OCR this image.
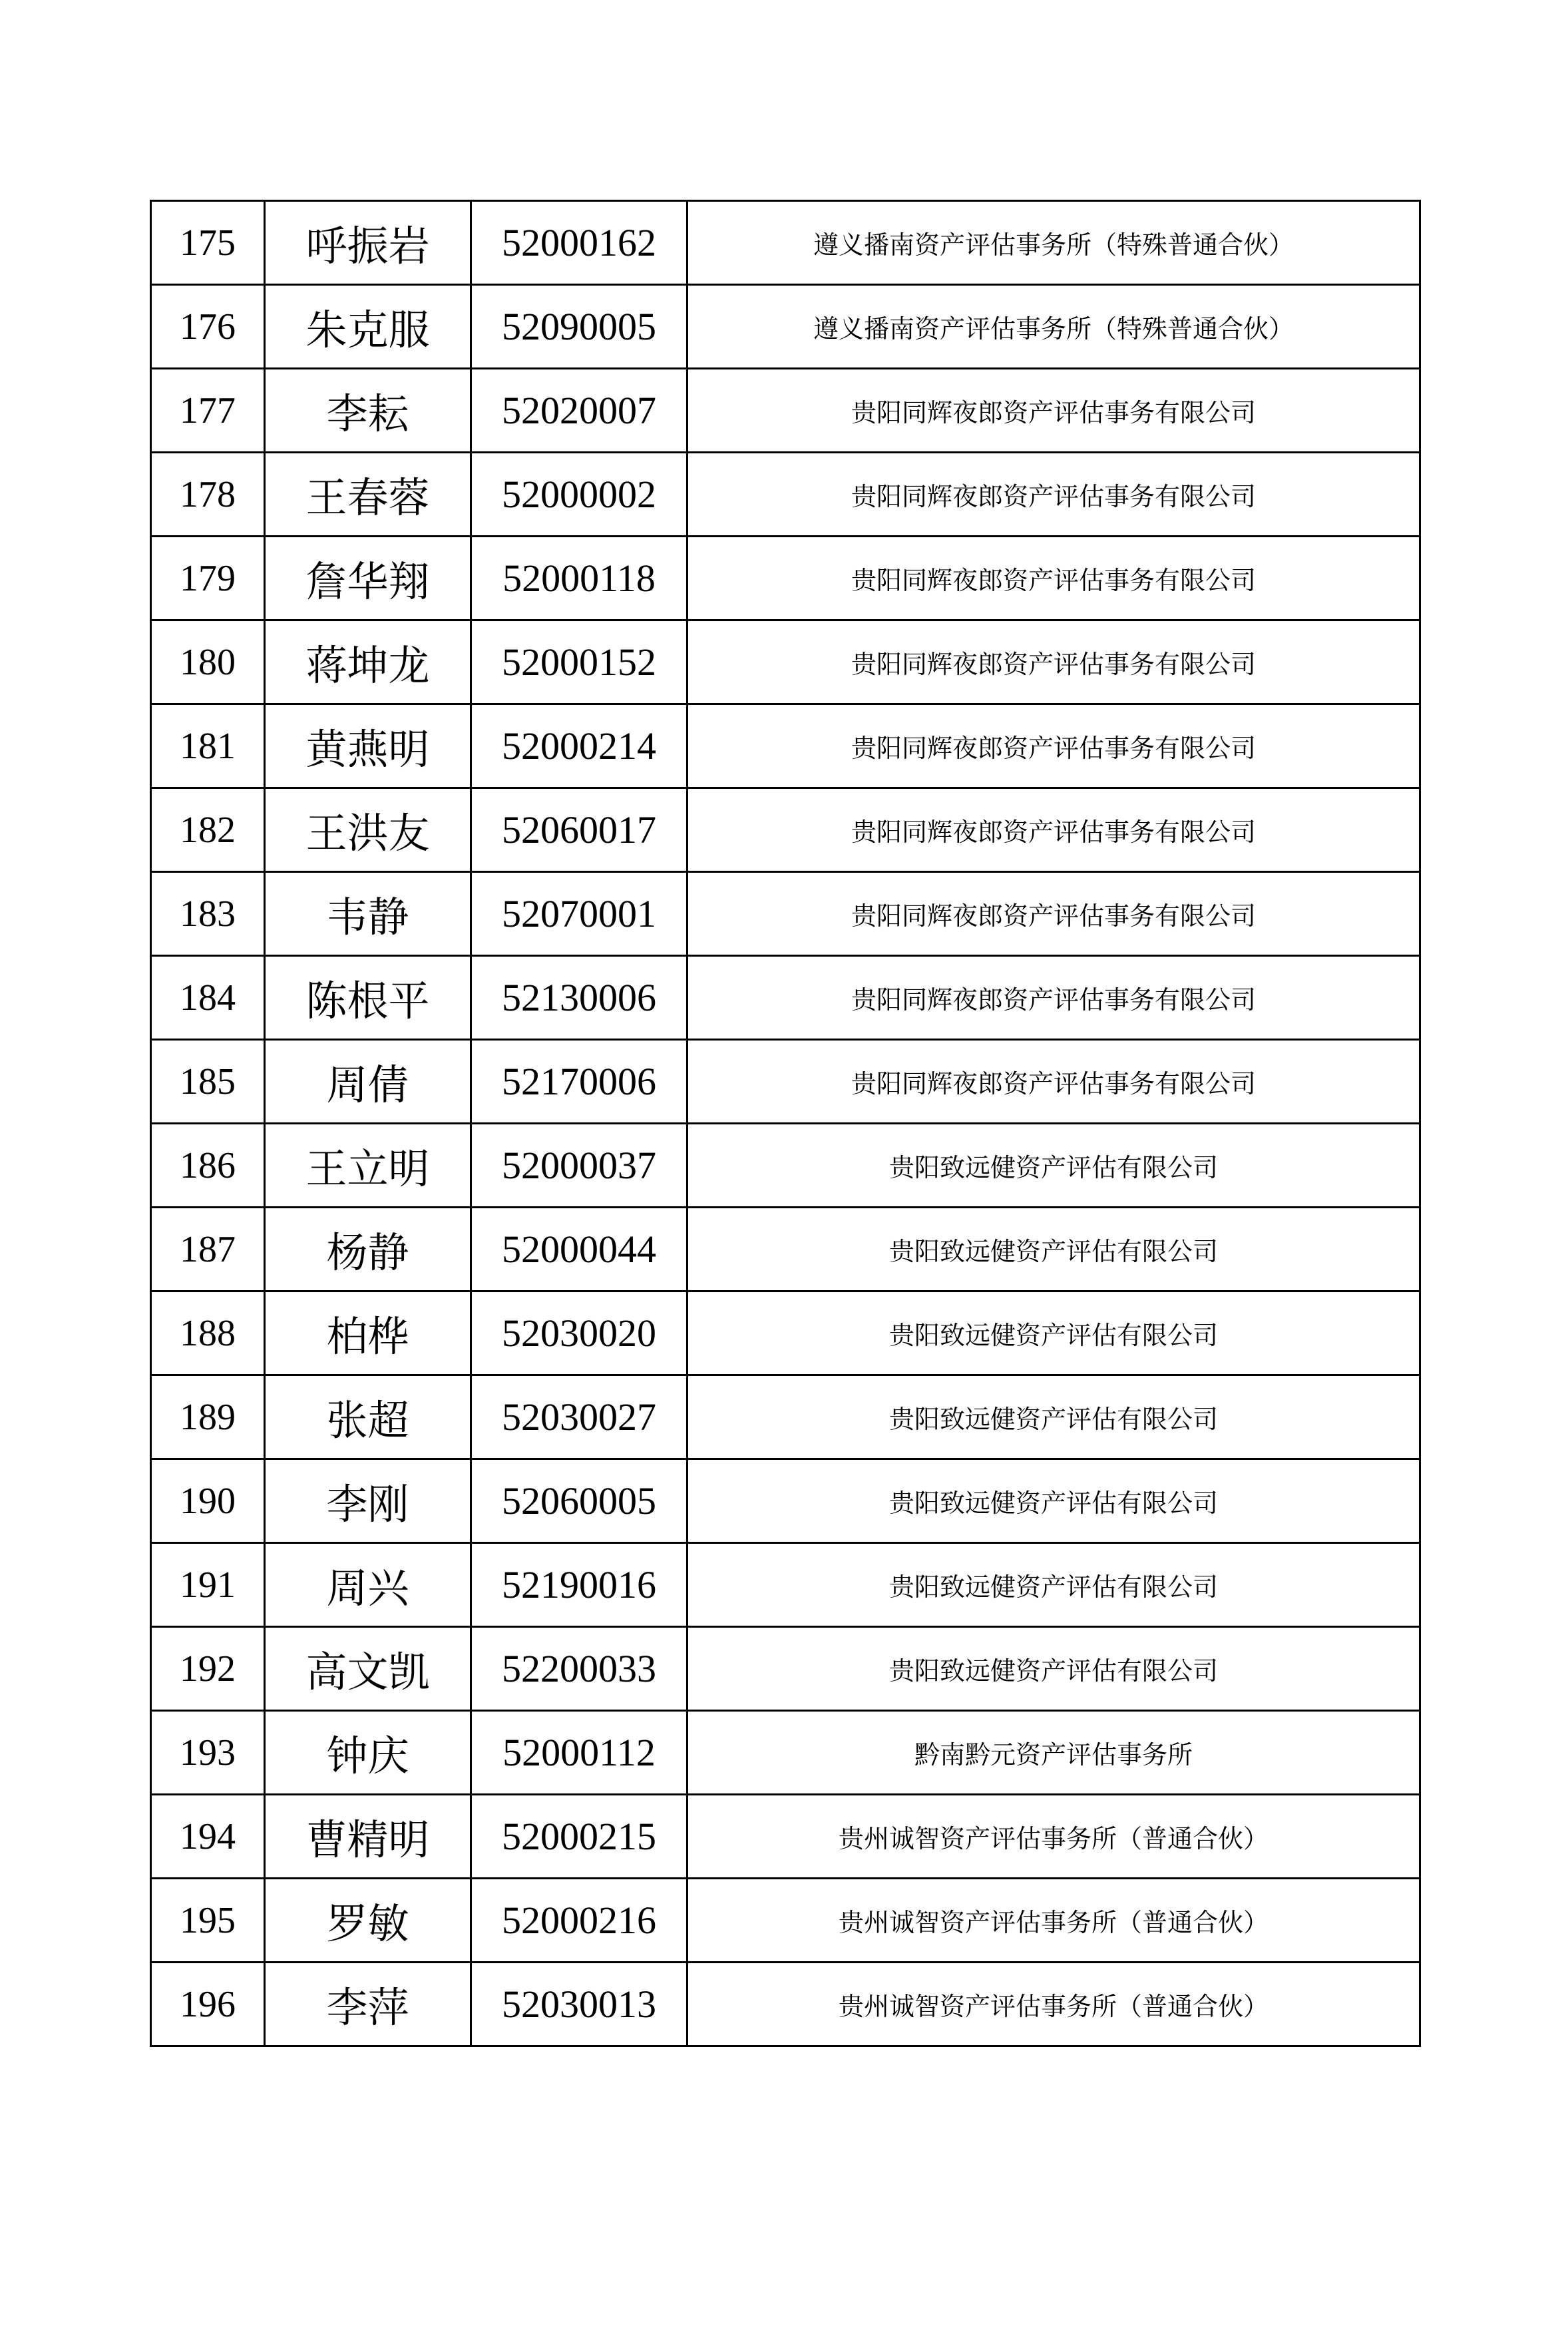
175	呼振岩	52000162	遵义播南资产评估事务所（特殊普通合伙）
176	朱克服	52090005	遵义播南资产评估事务所（特殊普通合伙）
177	李耘	52020007	贵阳同辉夜郎资产评估事务有限公司
178	王春蓉	52000002	贵阳同辉夜郎资产评估事务有限公司
179	詹华翔	52000118	贵阳同辉夜郎资产评估事务有限公司
180	蒋坤龙	52000152	贵阳同辉夜郎资产评估事务有限公司
181	黄燕明	52000214	贵阳同辉夜郎资产评估事务有限公司
182	王洪友	52060017	贵阳同辉夜郎资产评估事务有限公司
183	韦静	52070001	贵阳同辉夜郎资产评估事务有限公司
184	陈根平	52130006	贵阳同辉夜郎资产评估事务有限公司
185	周倩	52170006	贵阳同辉夜郎资产评估事务有限公司
186	王立明	52000037	贵阳致远健资产评估有限公司
187	杨静	52000044	贵阳致远健资产评估有限公司
188	柏桦	52030020	贵阳致远健资产评估有限公司
189	张超	52030027	贵阳致远健资产评估有限公司
190	李刚	52060005	贵阳致远健资产评估有限公司
191	周兴	52190016	贵阳致远健资产评估有限公司
192	高文凯	52200033	贵阳致远健资产评估有限公司
193	钟庆	52000112	黔南黔元资产评估事务所
194	曹精明	52000215	贵州诚智资产评估事务所（普通合伙）
195	罗敏	52000216	贵州诚智资产评估事务所（普通合伙）
196	李萍	52030013	贵州诚智资产评估事务所（普通合伙）
